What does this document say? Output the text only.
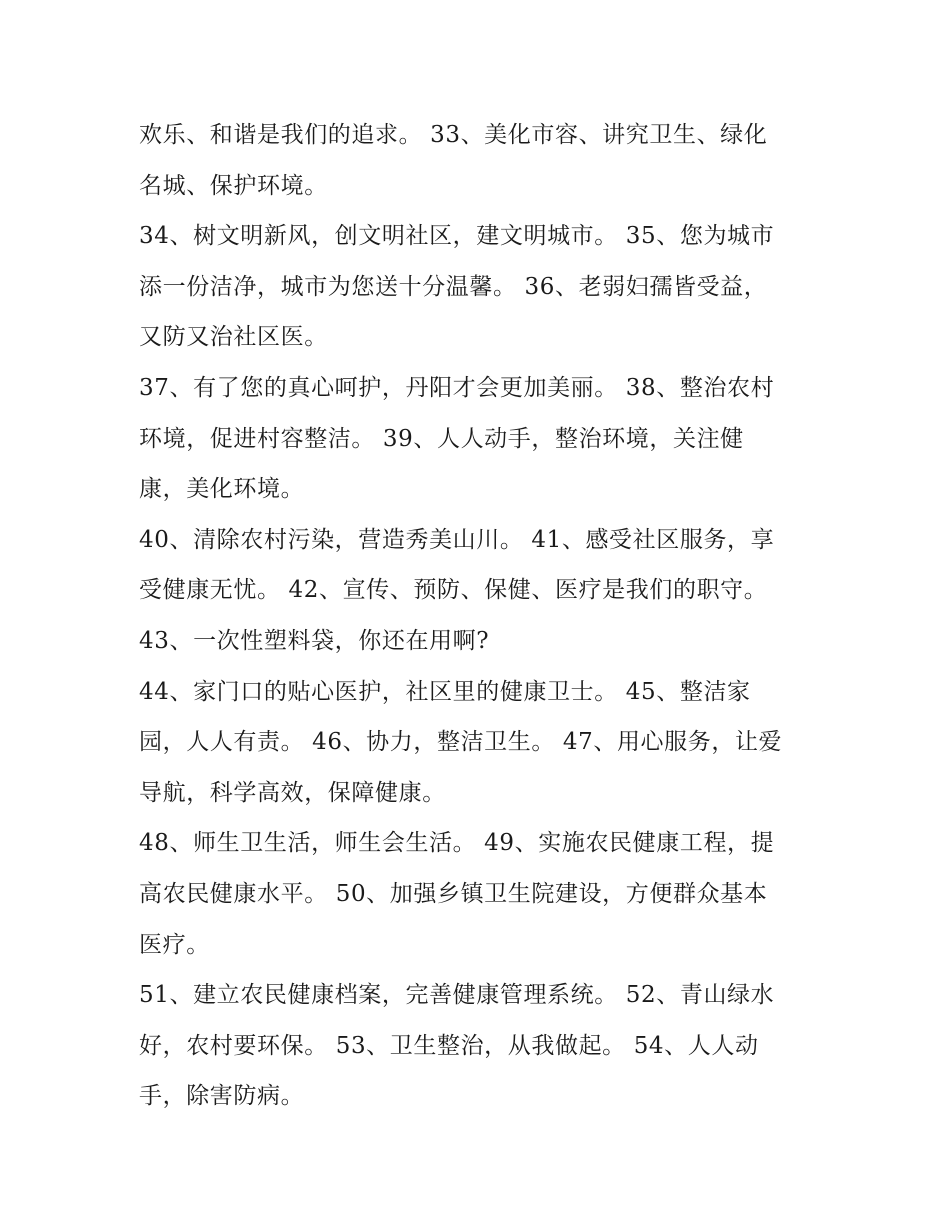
欢乐、和谐是我们的追求。 33、美化市容、讲究卫生、绿化
名城、保护环境。
34、树文明新风，创文明社区，建文明城市。 35、您为城市
添一份洁净，城市为您送十分温馨。 36、老弱妇孺皆受益，
又防又治社区医。
37、有了您的真心呵护，丹阳才会更加美丽。 38、整治农村
环境，促进村容整洁。 39、人人动手，整治环境，关注健
康，美化环境。
40、清除农村污染，营造秀美山川。 41、感受社区服务，享
受健康无忧。 42、宣传、预防、保健、医疗是我们的职守。
43、一次性塑料袋，你还在用啊?
44、家门口的贴心医护，社区里的健康卫士。 45、整洁家
园，人人有责。 46、协力，整洁卫生。 47、用心服务，让爱
导航，科学高效，保障健康。
48、师生卫生活，师生会生活。 49、实施农民健康工程，提
高农民健康水平。 50、加强乡镇卫生院建设，方便群众基本
医疗。
51、建立农民健康档案，完善健康管理系统。 52、青山绿水
好，农村要环保。 53、卫生整治，从我做起。 54、人人动
手，除害防病。
